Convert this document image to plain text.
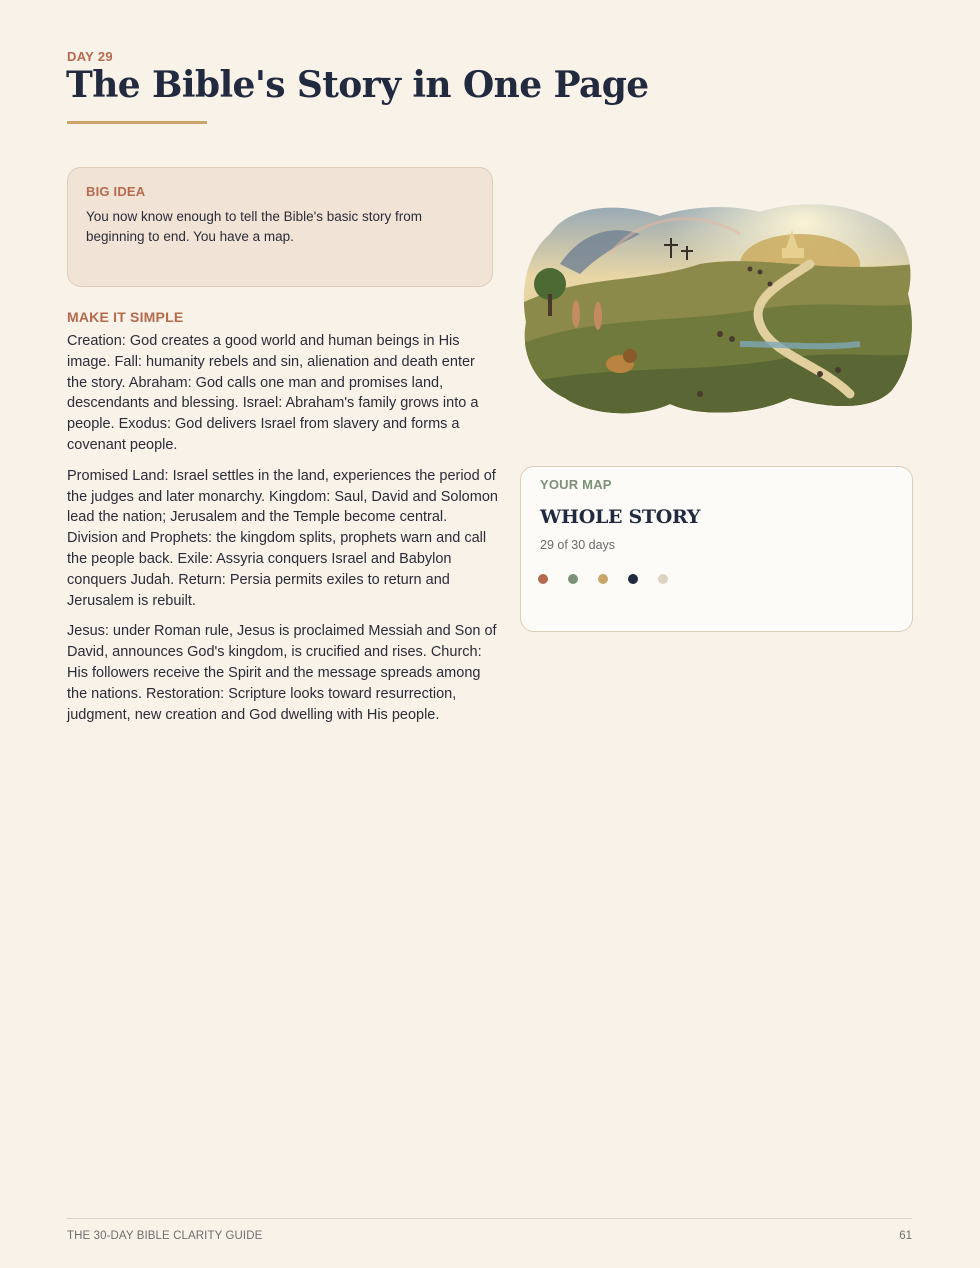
DAY 29
The Bible's Story in One Page
BIG IDEA

You now know enough to tell the Bible's basic story from beginning to end. You have a map.

MAKE IT SIMPLE

Creation: God creates a good world and human beings in His image. Fall: humanity rebels and sin, alienation and death enter the story. Abraham: God calls one man and promises land, descendants and blessing. Israel: Abraham's family grows into a people. Exodus: God delivers Israel from slavery and forms a covenant people.

Promised Land: Israel settles in the land, experiences the period of the judges and later monarchy. Kingdom: Saul, David and Solomon lead the nation; Jerusalem and the Temple become central. Division and Prophets: the kingdom splits, prophets warn and call the people back. Exile: Assyria conquers Israel and Babylon conquers Judah. Return: Persia permits exiles to return and Jerusalem is rebuilt.

Jesus: under Roman rule, Jesus is proclaimed Messiah and Son of David, announces God's kingdom, is crucified and rises. Church: His followers receive the Spirit and the message spreads among the nations. Restoration: Scripture looks toward resurrection, judgment, new creation and God dwelling with His people.

YOUR MAP
WHOLE STORY
29 of 30 days
THE 30-DAY BIBLE CLARITY GUIDE	61
